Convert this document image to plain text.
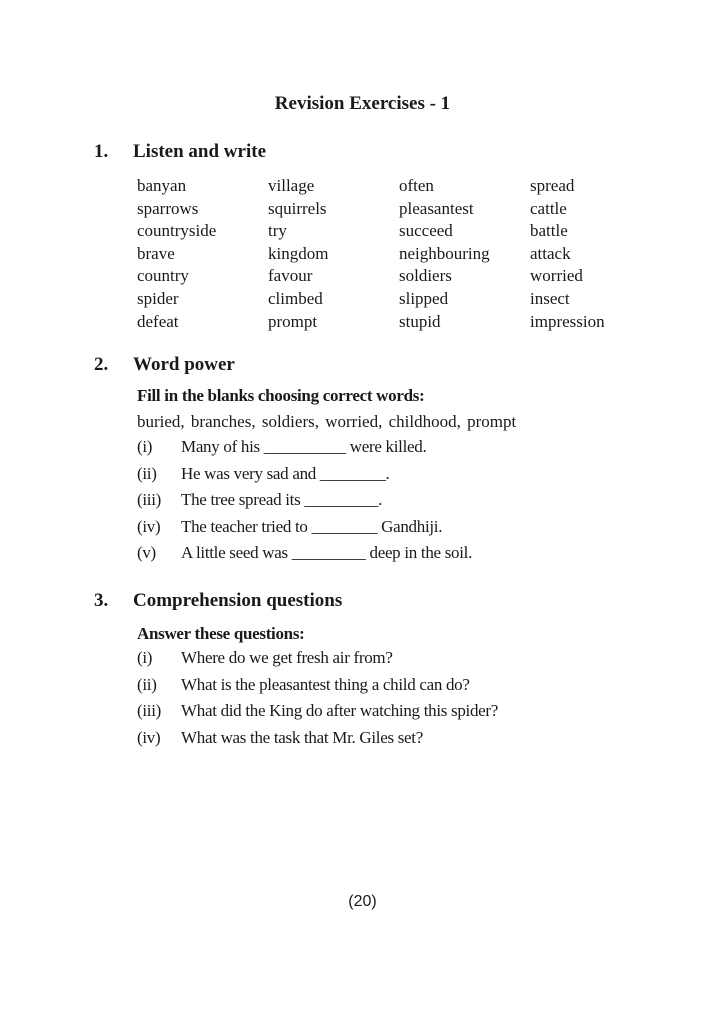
Revision Exercises - 1
1. Listen and write
banyan	village	often	spread
sparrows	squirrels	pleasantest	cattle
countryside	try	succeed	battle
brave	kingdom	neighbouring	attack
country	favour	soldiers	worried
spider	climbed	slipped	insect
defeat	prompt	stupid	impression
2. Word power
Fill in the blanks choosing correct words:
buried, branches, soldiers, worried, childhood, prompt
(i)	Many of his __________ were killed.
(ii)	He was very sad and ________.
(iii)	The tree spread its _________.
(iv)	The teacher tried to ________ Gandhiji.
(v)	A little seed was _________ deep in the soil.
3. Comprehension questions
Answer these questions:
(i)	Where do we get fresh air from?
(ii)	What is the pleasantest thing a child can do?
(iii)	What did the King do after watching this spider?
(iv)	What was the task that Mr. Giles set?
(20)
